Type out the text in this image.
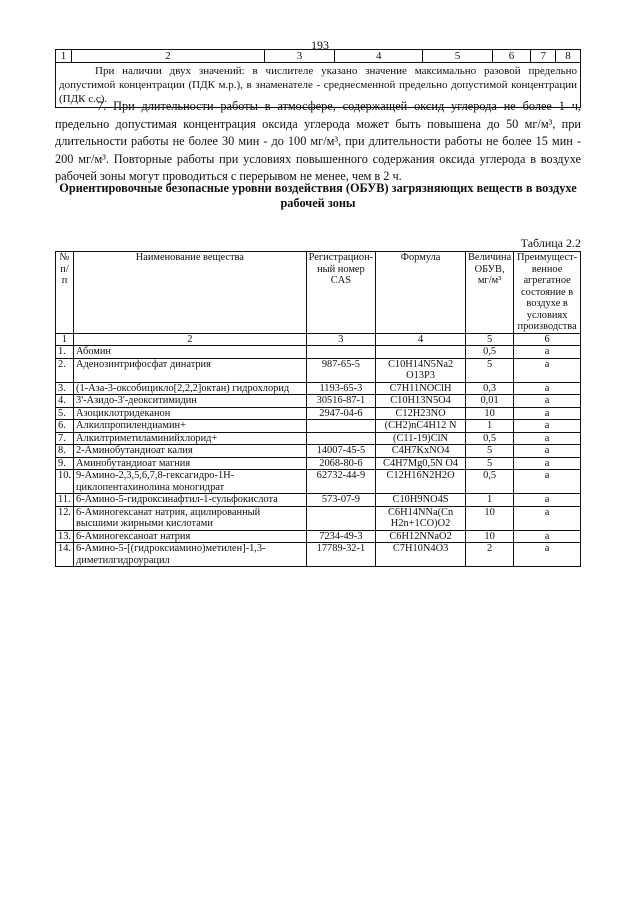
193
1	2	3	4	5	6	7	8
При наличии двух значений: в числителе указано значение максимально разовой предельно допустимой концентрации (ПДК м.р.), в знаменателе - среднесменной предельно допустимой концентрации (ПДК с.с).

7. При длительности работы в атмосфере, содержащей оксид углерода не более 1 ч, предельно допустимая концентрация оксида углерода может быть повышена до 50 мг/м³, при длительности работы не более 30 мин - до 100 мг/м³, при длительности работы не более 15 мин - 200 мг/м³. Повторные работы при условиях повышенного содержания оксида углерода в воздухе рабочей зоны могут проводиться с перерывом не менее, чем в 2 ч.

Ориентировочные безопасные уровни воздействия (ОБУВ) загрязняющих веществ в воздухе рабочей зоны
Таблица 2.2
№ п/п	Наименование вещества	Регистрацион-ный номер CAS	Формула	Величина ОБУВ, мг/м³	Преимущест-венное агрегатное состояние в воздухе в условиях производства
1	2	3	4	5	6
1.	Абомин			0,5	а
2.	Аденозинтрифосфат динатрия	987-65-5	C10H14N5Na2 O13P3	5	а
3.	(1-Аза-3-оксобицикло[2,2,2]октан) гидрохлорид	1193-65-3	C7H11NOClH	0,3	а
4.	3'-Азидо-3'-деокситимидин	30516-87-1	C10H13N5O4	0,01	а
5.	Азоциклотридеканон	2947-04-6	C12H23NO	10	а
6.	Алкилпропилендиамин+		(CH2)nC4H12 N	1	а
7.	Алкилтриметиламинийхлорид+		(C11-19)ClN	0,5	а
8.	2-Аминобутандиоат калия	14007-45-5	C4H7KxNO4	5	а
9.	Аминобутандиоат магния	2068-80-6	C4H7Mg0,5N O4	5	а
10.	9-Амино-2,3,5,6,7,8-гексагидро-1Н-циклопентахинолина моногидрат	62732-44-9	C12H16N2H2O	0,5	а
11.	6-Амино-5-гидроксинафтил-1-сульфокислота	573-07-9	C10H9NO4S	1	а
12.	6-Аминогексанат натрия, ацилированный высшими жирными кислотами		C6H14NNa(Cn H2n+1CO)O2	10	а
13.	6-Аминогексаноат натрия	7234-49-3	C6H12NNaO2	10	а
14.	6-Амино-5-[(гидроксиамино)метилен]-1,3- диметилгидроурацил	17789-32-1	C7H10N4O3	2	а
